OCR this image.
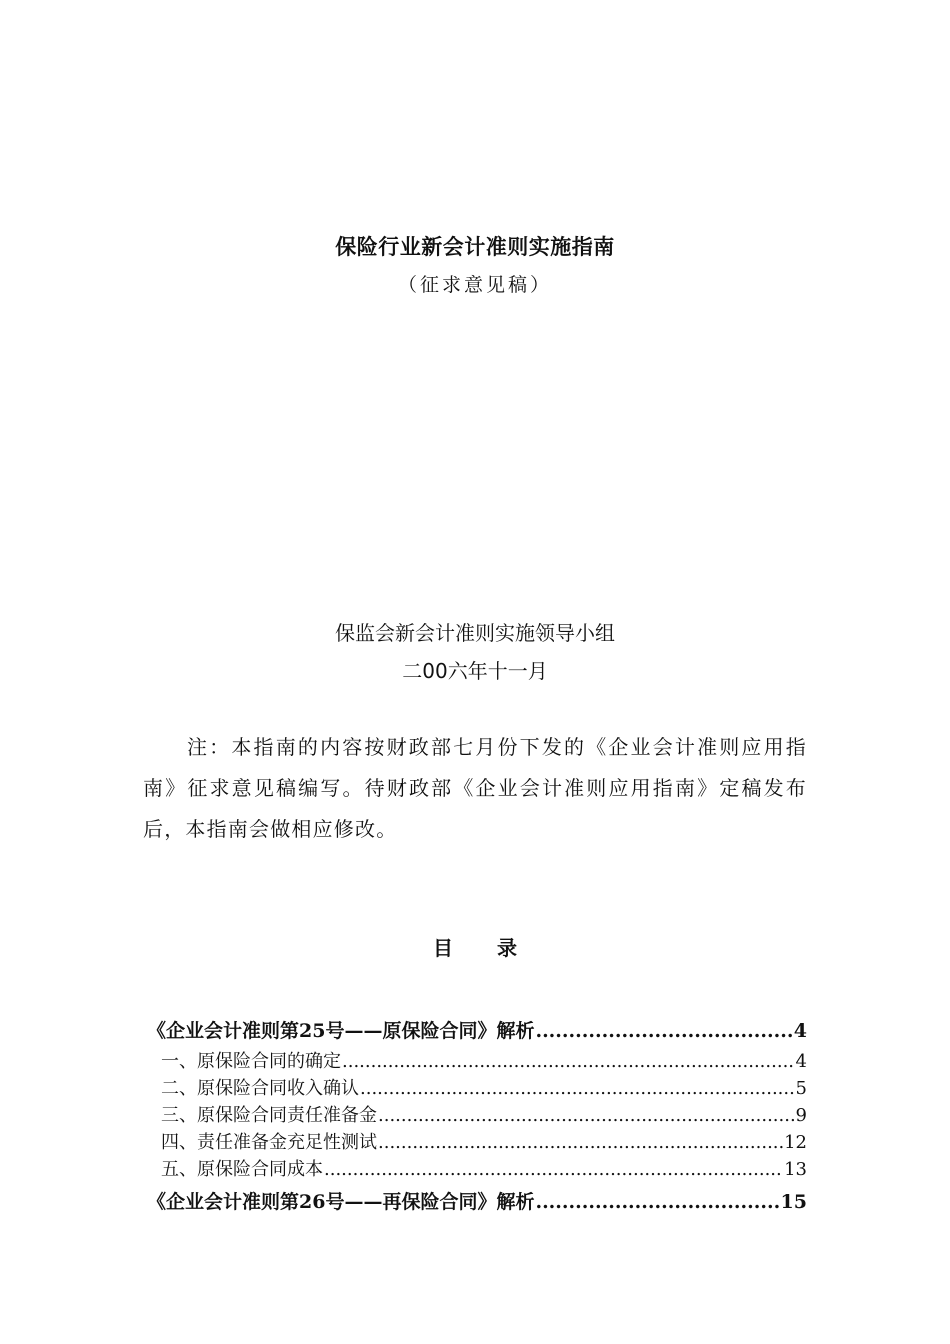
保险行业新会计准则实施指南
（征求意见稿）
保监会新会计准则实施领导小组
二00六年十一月
注：本指南的内容按财政部七月份下发的《企业会计准则应用指南》征求意见稿编写。待财政部《企业会计准则应用指南》定稿发布后，本指南会做相应修改。
目 录
《企业会计准则第25号——原保险合同》解析 .....	4
一、原保险合同的确定 .....	4
二、原保险合同收入确认 .....	5
三、原保险合同责任准备金 .....	9
四、责任准备金充足性测试 .....	12
五、原保险合同成本 .....	13
《企业会计准则第26号——再保险合同》解析 .....	15
